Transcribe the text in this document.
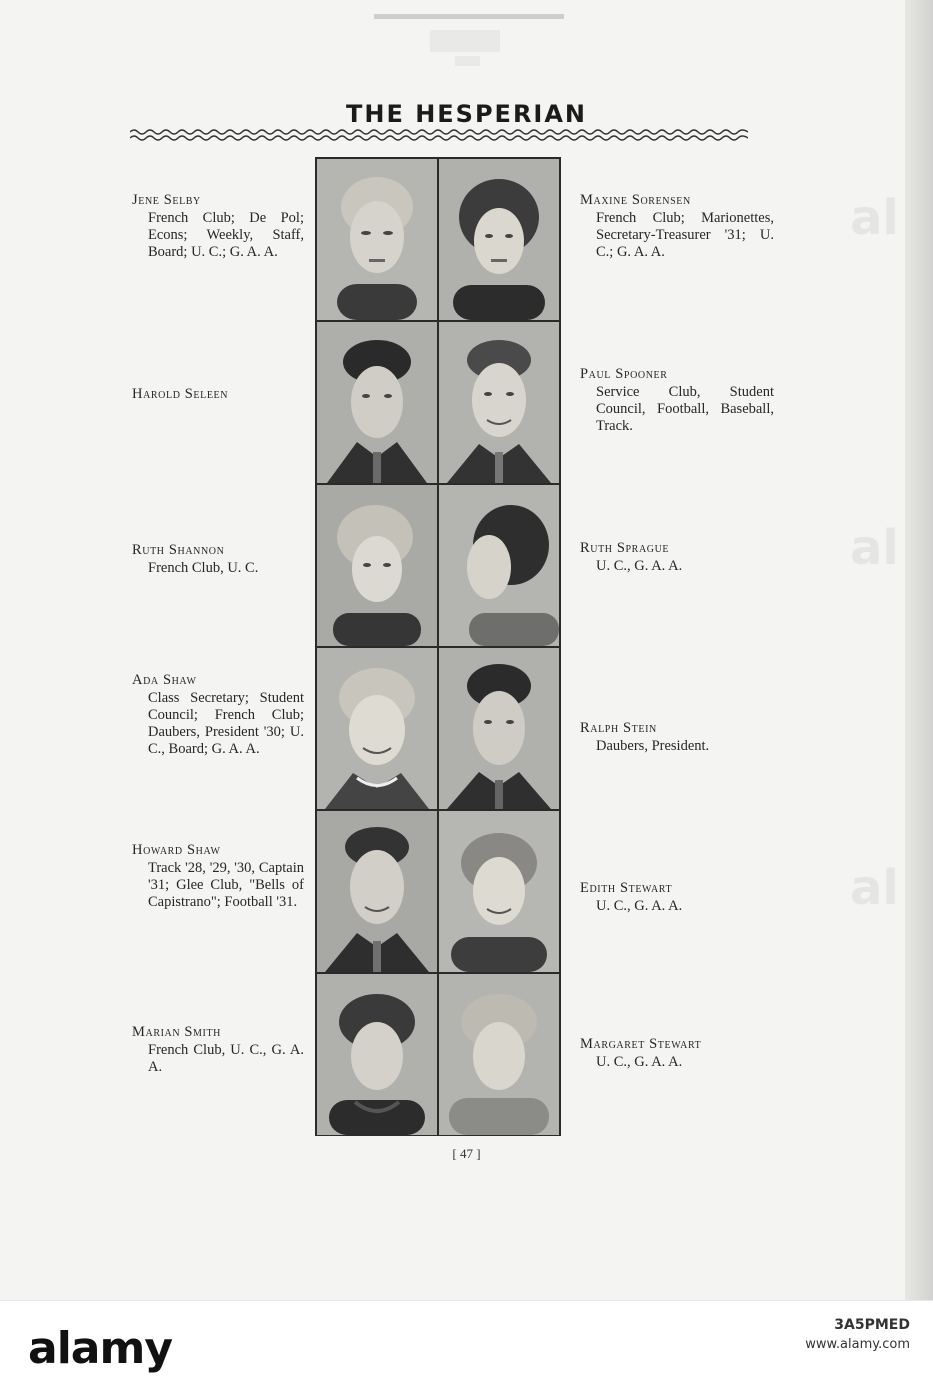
THE HESPERIAN
Jene Selby
French Club; De Pol; Econs; Weekly, Staff, Board; U. C.; G. A. A.
Harold Seleen
Ruth Shannon
French Club, U. C.
Ada Shaw
Class Secretary; Student Council; French Club; Daubers, President '30; U. C., Board; G. A. A.
Howard Shaw
Track '28, '29, '30, Captain '31; Glee Club, "Bells of Capistrano"; Football '31.
Marian Smith
French Club, U. C., G. A. A.
Maxine Sorensen
French Club; Marionettes, Secretary-Treasurer '31; U. C.; G. A. A.
Paul Spooner
Service Club, Student Council, Football, Baseball, Track.
Ruth Sprague
U. C., G. A. A.
Ralph Stein
Daubers, President.
Edith Stewart
U. C., G. A. A.
Margaret Stewart
U. C., G. A. A.
[ 47 ]
al
al
al
alamy	3A5PMED
www.alamy.com
